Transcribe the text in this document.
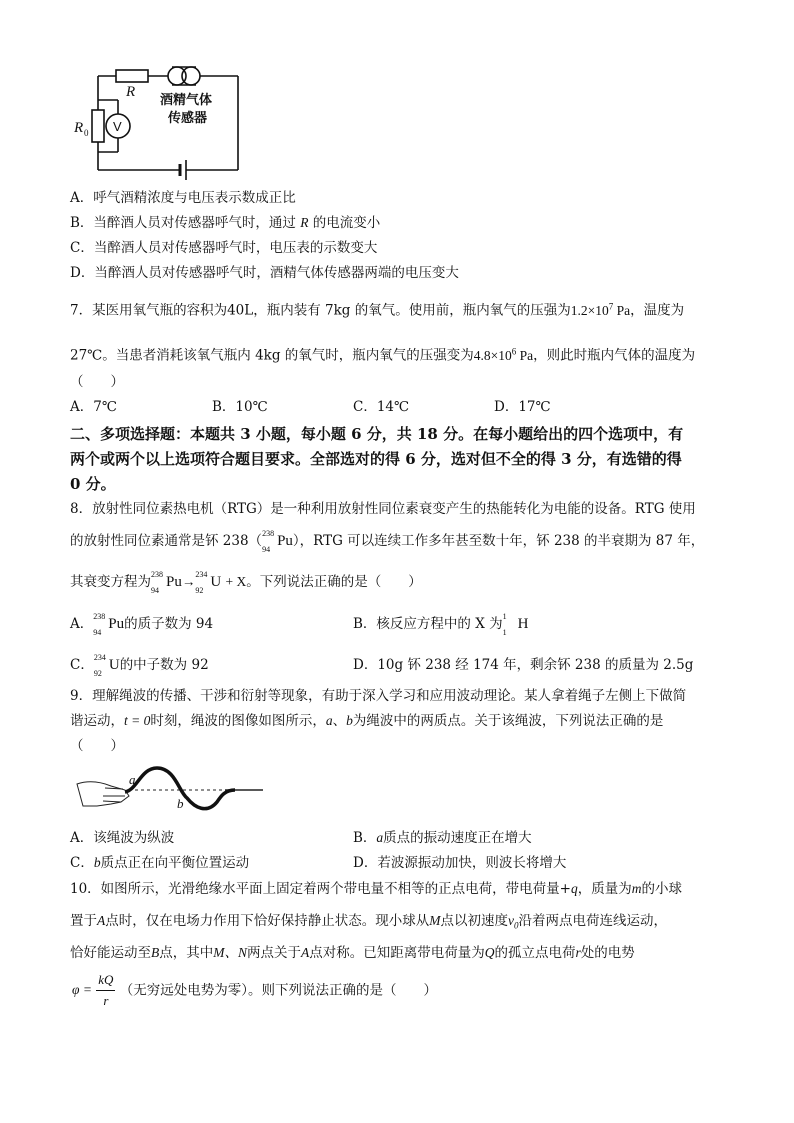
R
V
R 0
酒精气体
传感器
A．呼气酒精浓度与电压表示数成正比
B．当醉酒人员对传感器呼气时，通过 R 的电流变小
C．当醉酒人员对传感器呼气时，电压表的示数变大
D．当醉酒人员对传感器呼气时，酒精气体传感器两端的电压变大
7．某医用氧气瓶的容积为40L，瓶内装有 7kg 的氧气。使用前，瓶内氧气的压强为$1.2\times 10^7$ Pa，温度为
27℃。当患者消耗该氧气瓶内 4kg 的氧气时，瓶内氧气的压强变为$4.8\times 10^6$ Pa，则此时瓶内气体的温度为
（　　）
A．7℃	B．10℃	C．14℃	D．17℃
二、多项选择题：本题共 3 小题，每小题 6 分，共 18 分。在每小题给出的四个选项中，有
两个或两个以上选项符合题目要求。全部选对的得 6 分，选对但不全的得 3 分，有选错的得
0 分。
8．放射性同位素热电机（RTG）是一种利用放射性同位素衰变产生的热能转化为电能的设备。RTG 使用
的放射性同位素通常是钚 238（ 238
94
Pu），RTG 可以连续工作多年甚至数十年，钚 238 的半衰期为 87 年，
其衰变方程为 238
94
Pu→ 234
92
U + X。下列说法正确的是（　　）
A． 238
94
Pu的质子数为 94	B．核反应方程中的 X 为 1
1
H
C． 234
92
U的中子数为 92	D．10g 钚 238 经 174 年，剩余钚 238 的质量为 2.5g
9．理解绳波的传播、干涉和衍射等现象，有助于深入学习和应用波动理论。某人拿着绳子左侧上下做简
谐运动，t = 0时刻，绳波的图像如图所示，a、b为绳波中的两质点。关于该绳波，下列说法正确的是
（　　）
a
b
A．该绳波为纵波	B．a质点的振动速度正在增大
C．b质点正在向平衡位置运动	D．若波源振动加快，则波长将增大
10．如图所示，光滑绝缘水平面上固定着两个带电量不相等的正点电荷，带电荷量+q，质量为m的小球
置于A点时，仅在电场力作用下恰好保持静止状态。现小球从M点以初速度$v_0$沿着两点电荷连线运动，
恰好能运动至B点，其中M、N两点关于A点对称。已知距离带电荷量为Q的孤立点电荷r处的电势
$\varphi = \frac{kQ}{r}$ （无穷远处电势为零）。则下列说法正确的是（　　）
